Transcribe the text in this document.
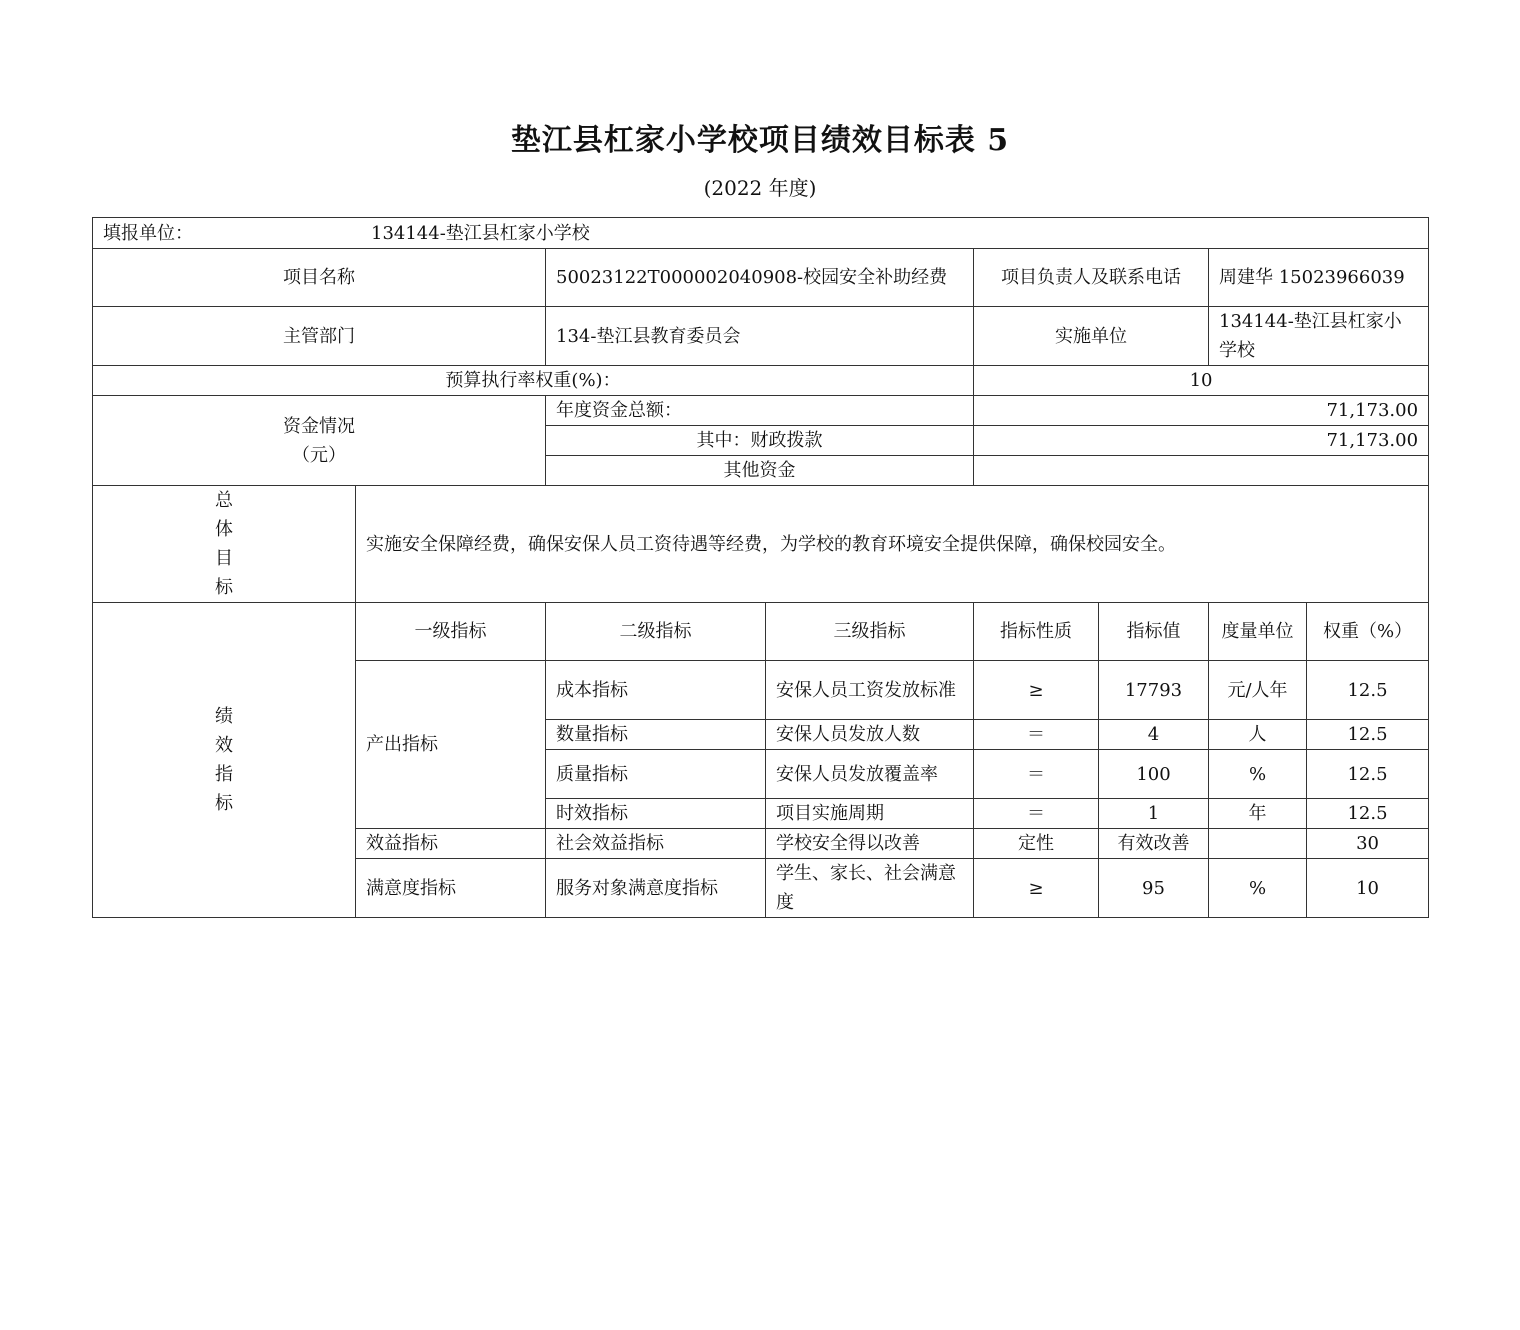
垫江县杠家小学校项目绩效目标表 5
(2022 年度)
填报单位： 134144-垫江县杠家小学校							
项目名称		50023122T000002040908-校园安全补助经费		项目负责人及联系电话		周建华 15023966039	
主管部门		134-垫江县教育委员会		实施单位		134144-垫江县杠家小学校	
预算执行率权重(%)：				10			

资金情况
（元）		年度资金总额：		71,173.00			
		其中：财政拨款		71,173.00			
		其他资金					

总
体
目
标	实施安全保障经费，确保安保人员工资待遇等经费，为学校的教育环境安全提供保障，确保校园安全。						

绩
效
指
标	一级指标	二级指标	三级指标	指标性质	指标值	度量单位	权重（%）
	产出指标	成本指标	安保人员工资发放标准	≥	17793	元/人年	12.5
		数量指标	安保人员发放人数	＝	4	人	12.5
		质量指标	安保人员发放覆盖率	＝	100	%	12.5
		时效指标	项目实施周期	＝	1	年	12.5
	效益指标	社会效益指标	学校安全得以改善	定性	有效改善		30
	满意度指标	服务对象满意度指标	学生、家长、社会满意度	≥	95	%	10
